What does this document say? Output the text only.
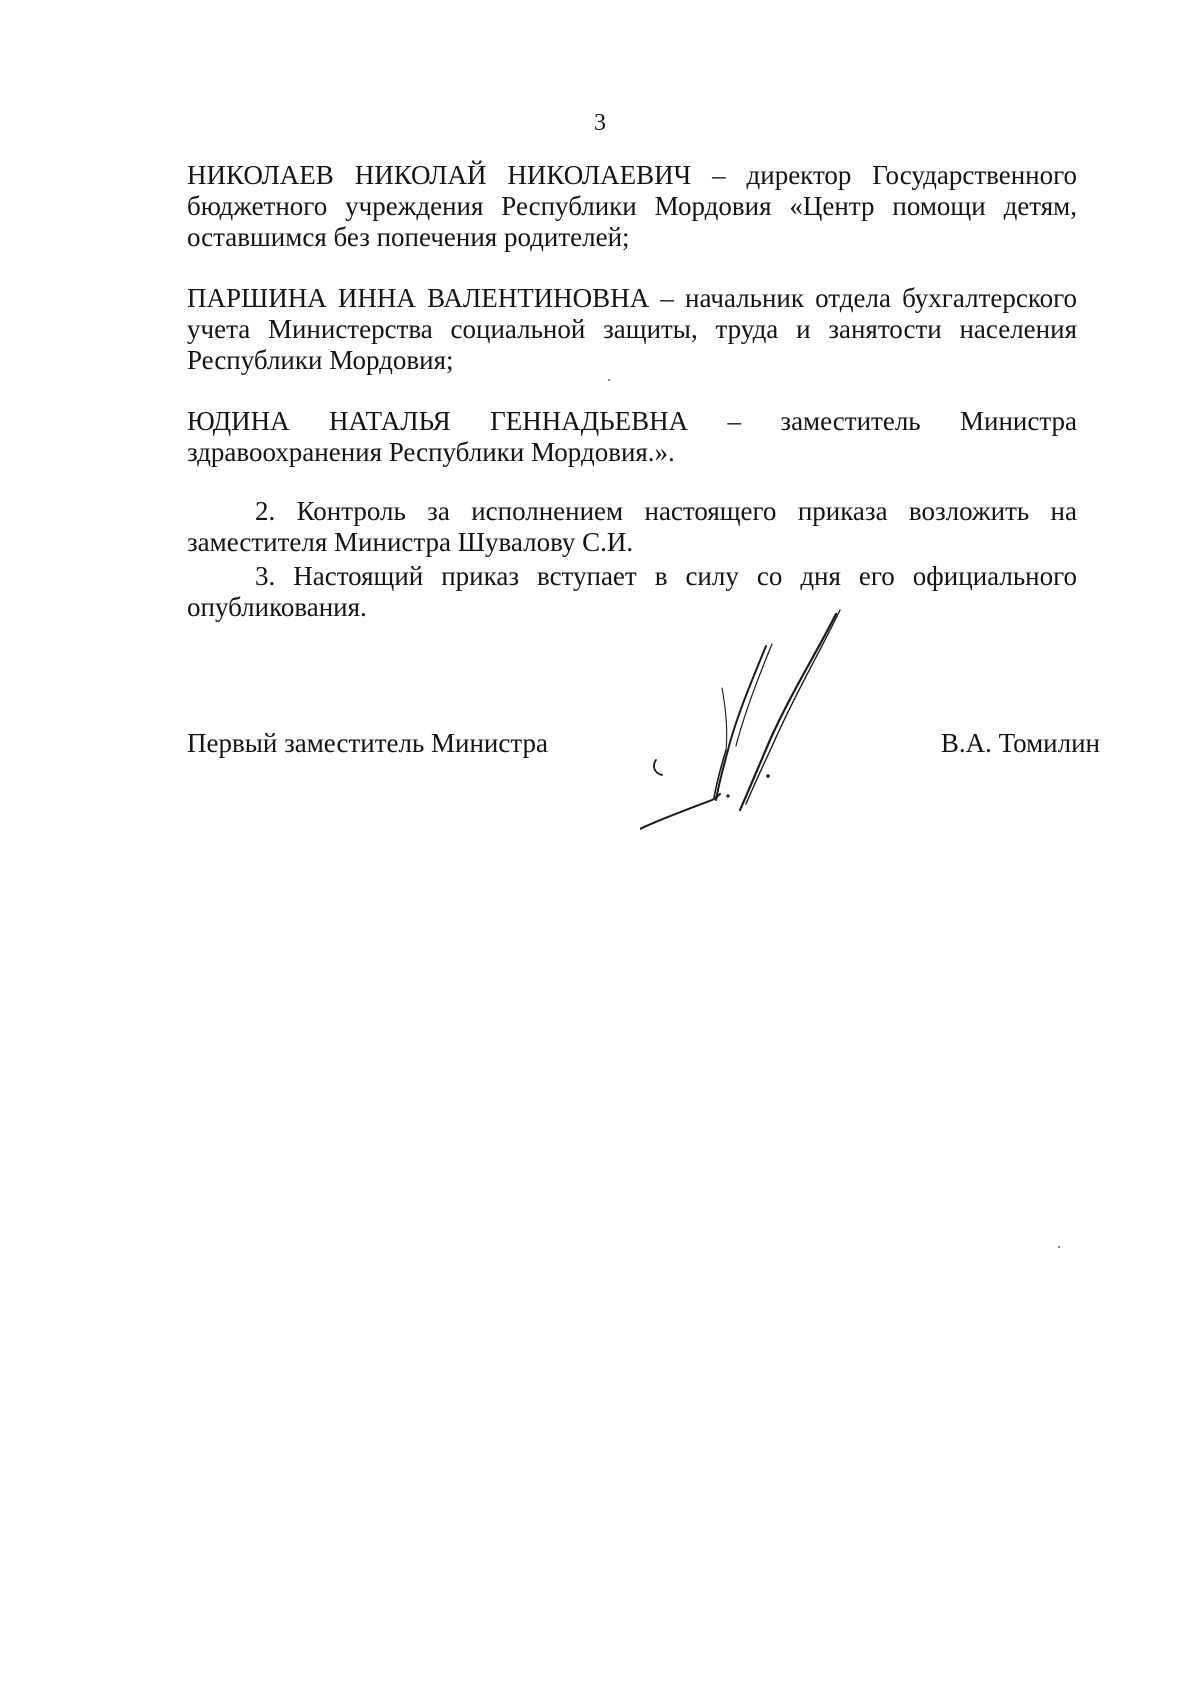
3

НИКОЛАЕВ НИКОЛАЙ НИКОЛАЕВИЧ – директор Государственного
бюджетного учреждения Республики Мордовия «Центр помощи детям,
оставшимся без попечения родителей;

ПАРШИНА ИННА ВАЛЕНТИНОВНА – начальник отдела бухгалтерского
учета Министерства социальной защиты, труда и занятости населения
Республики Мордовия;

ЮДИНА НАТАЛЬЯ ГЕННАДЬЕВНА – заместитель Министра
здравоохранения Республики Мордовия.».

2. Контроль за исполнением настоящего приказа возложить на
заместителя Министра Шувалову С.И.

3. Настоящий приказ вступает в силу со дня его официального
опубликования.

Первый заместитель Министра	В.А. Томилин
